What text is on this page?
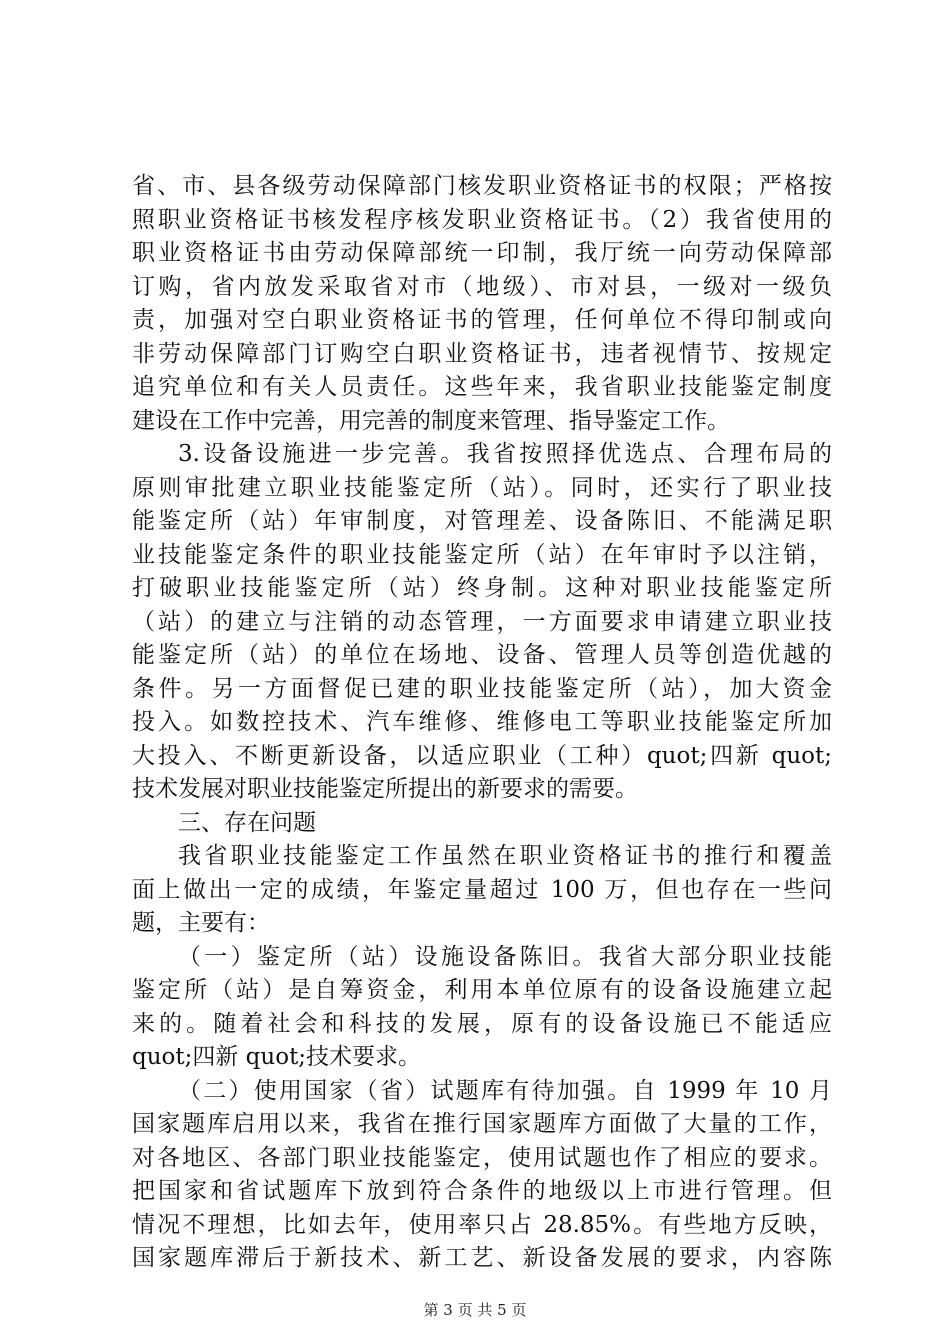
省、市、县各级劳动保障部门核发职业资格证书的权限；严格按
照职业资格证书核发程序核发职业资格证书。（2）我省使用的
职业资格证书由劳动保障部统一印制，我厅统一向劳动保障部
订购，省内放发采取省对市（地级）、市对县，一级对一级负
责，加强对空白职业资格证书的管理，任何单位不得印制或向
非劳动保障部门订购空白职业资格证书，违者视情节、按规定
追究单位和有关人员责任。这些年来，我省职业技能鉴定制度
建设在工作中完善，用完善的制度来管理、指导鉴定工作。
3.设备设施进一步完善。我省按照择优选点、合理布局的
原则审批建立职业技能鉴定所（站）。同时，还实行了职业技
能鉴定所（站）年审制度，对管理差、设备陈旧、不能满足职
业技能鉴定条件的职业技能鉴定所（站）在年审时予以注销，
打破职业技能鉴定所（站）终身制。这种对职业技能鉴定所
（站）的建立与注销的动态管理，一方面要求申请建立职业技
能鉴定所（站）的单位在场地、设备、管理人员等创造优越的
条件。另一方面督促已建的职业技能鉴定所（站），加大资金
投入。如数控技术、汽车维修、维修电工等职业技能鉴定所加
大投入、不断更新设备，以适应职业（工种）quot;四新 quot;
技术发展对职业技能鉴定所提出的新要求的需要。
三、存在问题
我省职业技能鉴定工作虽然在职业资格证书的推行和覆盖
面上做出一定的成绩，年鉴定量超过 100 万，但也存在一些问
题，主要有：
（一）鉴定所（站）设施设备陈旧。我省大部分职业技能
鉴定所（站）是自筹资金，利用本单位原有的设备设施建立起
来的。随着社会和科技的发展，原有的设备设施已不能适应
quot;四新 quot;技术要求。
（二）使用国家（省）试题库有待加强。自 1999 年 10 月
国家题库启用以来，我省在推行国家题库方面做了大量的工作，
对各地区、各部门职业技能鉴定，使用试题也作了相应的要求。
把国家和省试题库下放到符合条件的地级以上市进行管理。但
情况不理想，比如去年，使用率只占 28.85%。有些地方反映，
国家题库滞后于新技术、新工艺、新设备发展的要求，内容陈
第 3 页 共 5 页
